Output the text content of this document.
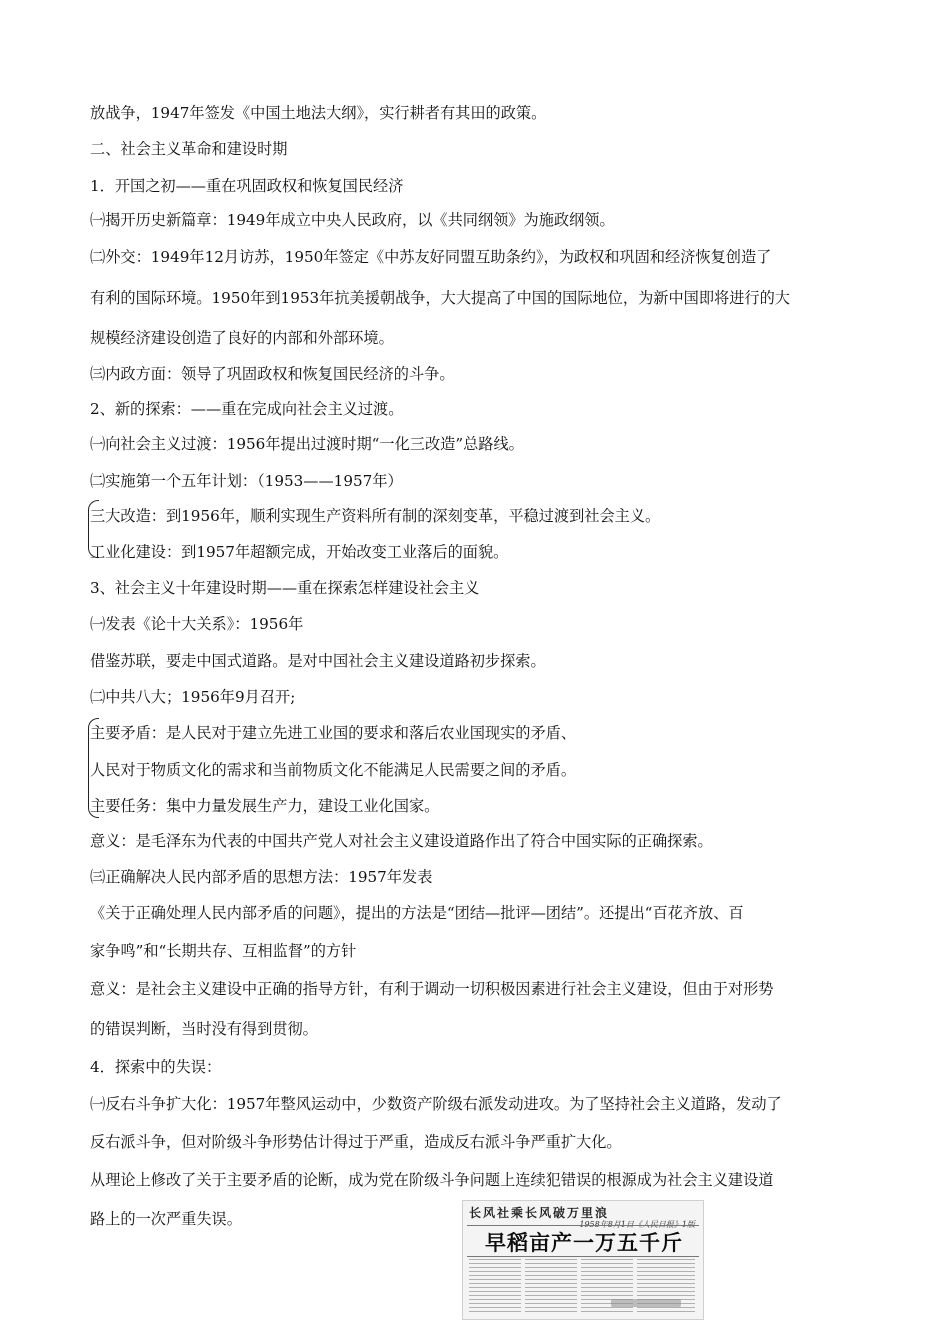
放战争，1947年签发《中国土地法大纲》，实行耕者有其田的政策。
二、社会主义革命和建设时期
1．开国之初——重在巩固政权和恢复国民经济
㈠揭开历史新篇章：1949年成立中央人民政府，以《共同纲领》为施政纲领。
㈡外交：1949年12月访苏，1950年签定《中苏友好同盟互助条约》，为政权和巩固和经济恢复创造了
有利的国际环境。1950年到1953年抗美援朝战争，大大提高了中国的国际地位，为新中国即将进行的大
规模经济建设创造了良好的内部和外部环境。
㈢内政方面：领导了巩固政权和恢复国民经济的斗争。
2、新的探索：——重在完成向社会主义过渡。
㈠向社会主义过渡：1956年提出过渡时期“一化三改造”总路线。
㈡实施第一个五年计划：（1953——1957年）
三大改造：到1956年，顺利实现生产资料所有制的深刻变革，平稳过渡到社会主义。
工业化建设：到1957年超额完成，开始改变工业落后的面貌。
3、社会主义十年建设时期——重在探索怎样建设社会主义
㈠发表《论十大关系》：1956年
借鉴苏联，要走中国式道路。是对中国社会主义建设道路初步探索。
㈡中共八大；1956年9月召开;
主要矛盾：是人民对于建立先进工业国的要求和落后农业国现实的矛盾、
人民对于物质文化的需求和当前物质文化不能满足人民需要之间的矛盾。
主要任务：集中力量发展生产力，建设工业化国家。
意义：是毛泽东为代表的中国共产党人对社会主义建设道路作出了符合中国实际的正确探索。
㈢正确解决人民内部矛盾的思想方法：1957年发表
《关于正确处理人民内部矛盾的问题》，提出的方法是“团结—批评—团结”。还提出“百花齐放、百
家争鸣”和“长期共存、互相监督”的方针
意义：是社会主义建设中正确的指导方针，有利于调动一切积极因素进行社会主义建设，但由于对形势
的错误判断，当时没有得到贯彻。
4．探索中的失误：
㈠反右斗争扩大化：1957年整风运动中，少数资产阶级右派发动进攻。为了坚持社会主义道路，发动了
反右派斗争，但对阶级斗争形势估计得过于严重，造成反右派斗争严重扩大化。
从理论上修改了关于主要矛盾的论断，成为党在阶级斗争问题上连续犯错误的根源成为社会主义建设道
路上的一次严重失误。	长风社乘长风破万里浪
早稻亩产一万五千斤
